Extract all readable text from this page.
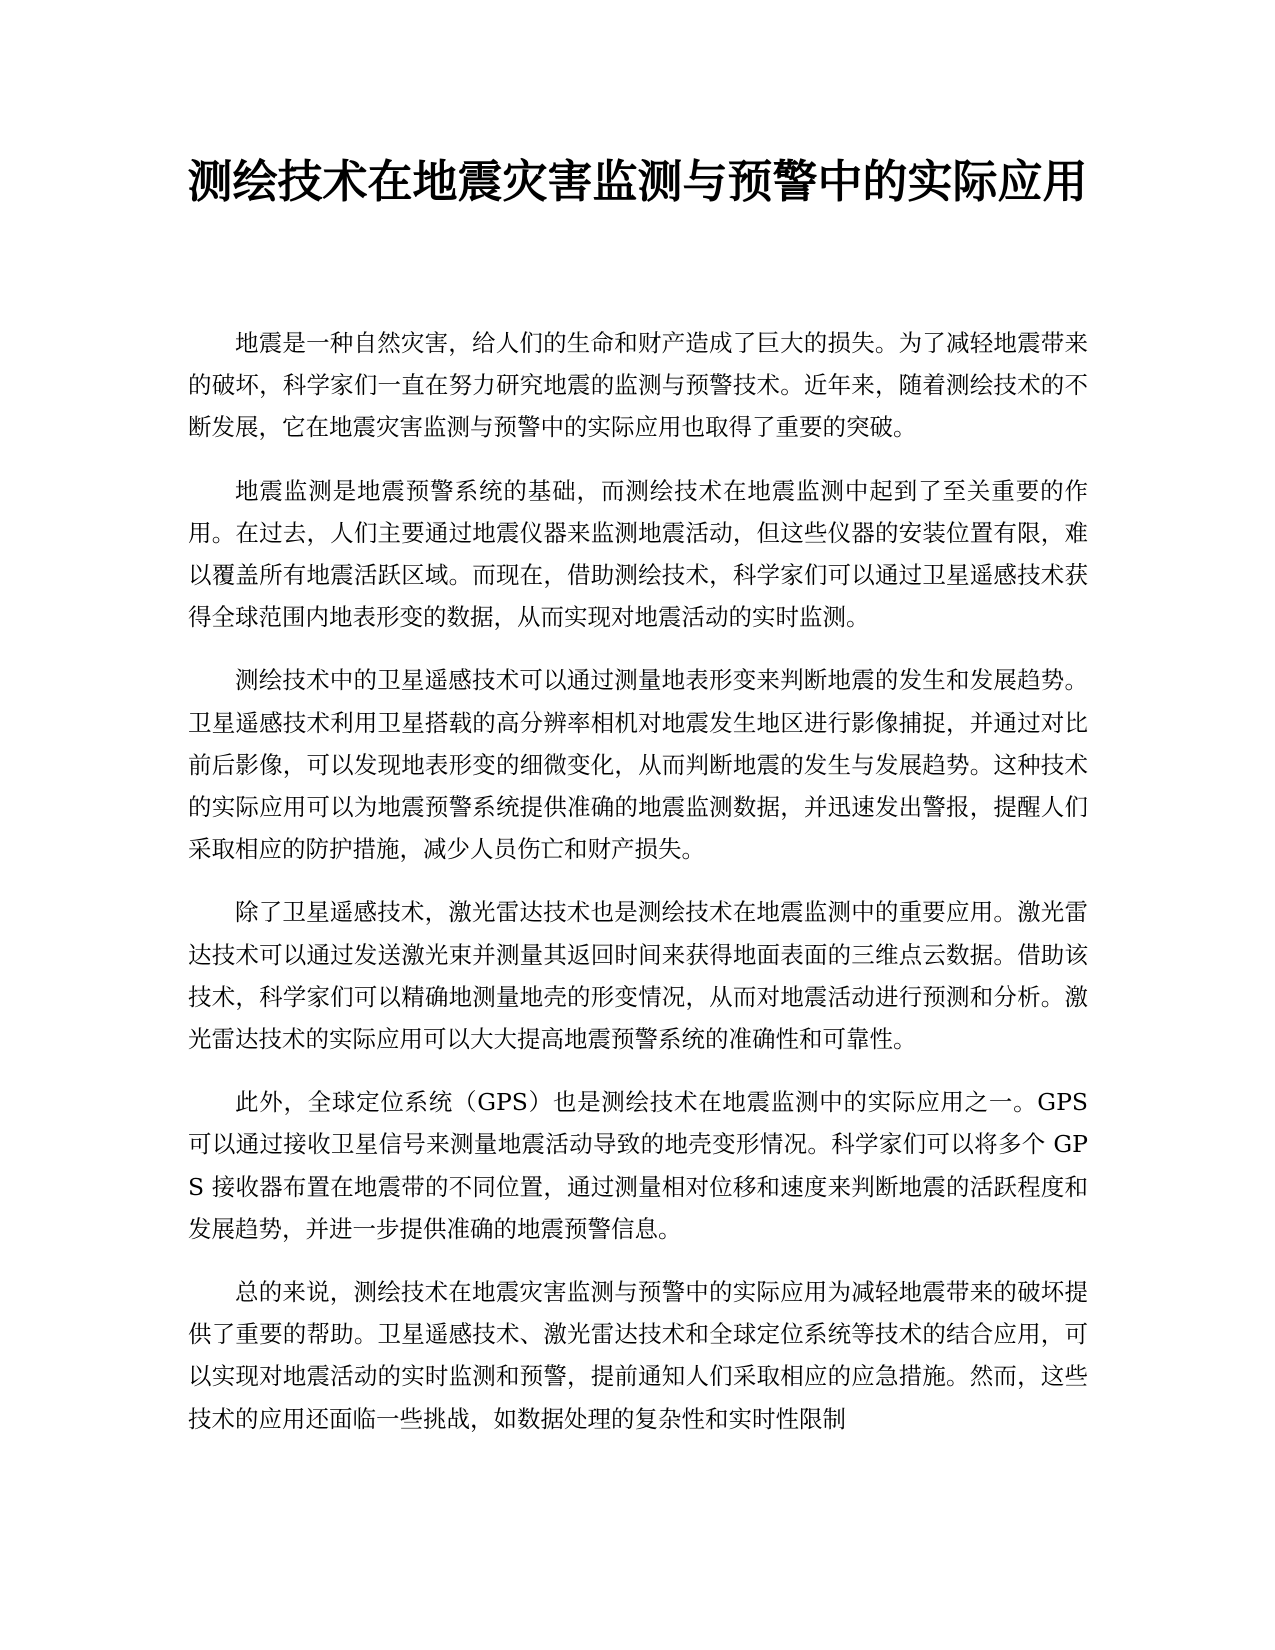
测绘技术在地震灾害监测与预警中的实际应用

地震是一种自然灾害，给人们的生命和财产造成了巨大的损失。为了减轻地震带来的破坏，科学家们一直在努力研究地震的监测与预警技术。近年来，随着测绘技术的不断发展，它在地震灾害监测与预警中的实际应用也取得了重要的突破。

地震监测是地震预警系统的基础，而测绘技术在地震监测中起到了至关重要的作用。在过去，人们主要通过地震仪器来监测地震活动，但这些仪器的安装位置有限，难以覆盖所有地震活跃区域。而现在，借助测绘技术，科学家们可以通过卫星遥感技术获得全球范围内地表形变的数据，从而实现对地震活动的实时监测。

测绘技术中的卫星遥感技术可以通过测量地表形变来判断地震的发生和发展趋势。卫星遥感技术利用卫星搭载的高分辨率相机对地震发生地区进行影像捕捉，并通过对比前后影像，可以发现地表形变的细微变化，从而判断地震的发生与发展趋势。这种技术的实际应用可以为地震预警系统提供准确的地震监测数据，并迅速发出警报，提醒人们采取相应的防护措施，减少人员伤亡和财产损失。

除了卫星遥感技术，激光雷达技术也是测绘技术在地震监测中的重要应用。激光雷达技术可以通过发送激光束并测量其返回时间来获得地面表面的三维点云数据。借助该技术，科学家们可以精确地测量地壳的形变情况，从而对地震活动进行预测和分析。激光雷达技术的实际应用可以大大提高地震预警系统的准确性和可靠性。

此外，全球定位系统（GPS）也是测绘技术在地震监测中的实际应用之一。GPS 可以通过接收卫星信号来测量地震活动导致的地壳变形情况。科学家们可以将多个 GPS 接收器布置在地震带的不同位置，通过测量相对位移和速度来判断地震的活跃程度和发展趋势，并进一步提供准确的地震预警信息。

总的来说，测绘技术在地震灾害监测与预警中的实际应用为减轻地震带来的破坏提供了重要的帮助。卫星遥感技术、激光雷达技术和全球定位系统等技术的结合应用，可以实现对地震活动的实时监测和预警，提前通知人们采取相应的应急措施。然而，这些技术的应用还面临一些挑战，如数据处理的复杂性和实时性限制
